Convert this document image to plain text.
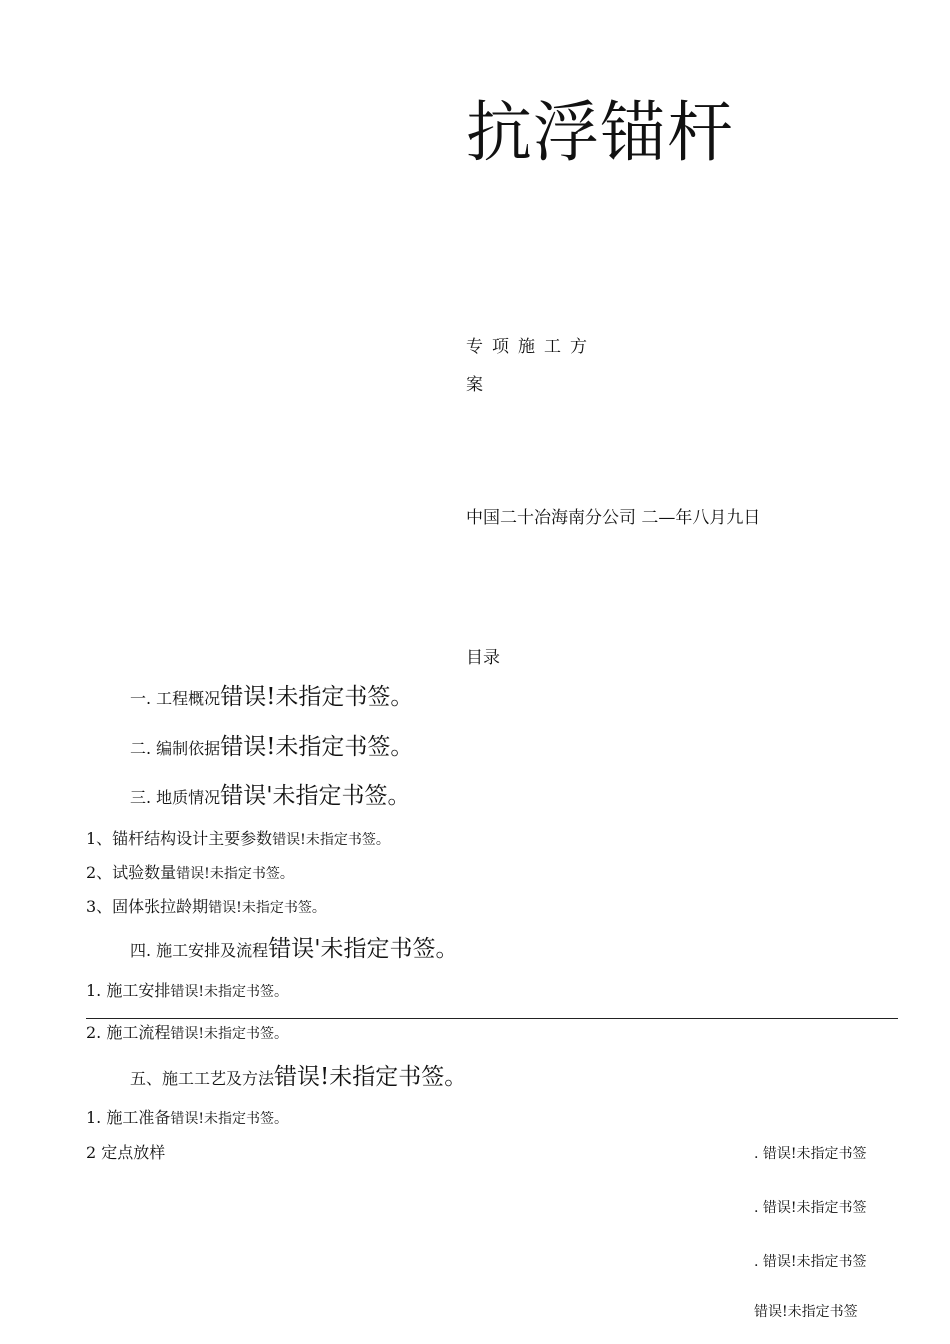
抗浮锚杆
专项施工方
案
中国二十冶海南分公司 二—年八月九日
目录
一. 工程概况错误!未指定书签。
二. 编制依据错误!未指定书签。
三. 地质情况错误'未指定书签。
1、锚杆结构设计主要参数错误!未指定书签。
2、试验数量错误!未指定书签。
3、固体张拉龄期错误!未指定书签。
四. 施工安排及流程错误'未指定书签。
1. 施工安排错误!未指定书签。
2. 施工流程错误!未指定书签。
五、施工工艺及方法错误!未指定书签。
1. 施工准备错误!未指定书签。
2 定点放样	. 错误!未指定书签
. 错误!未指定书签
. 错误!未指定书签
错误!未指定书签
